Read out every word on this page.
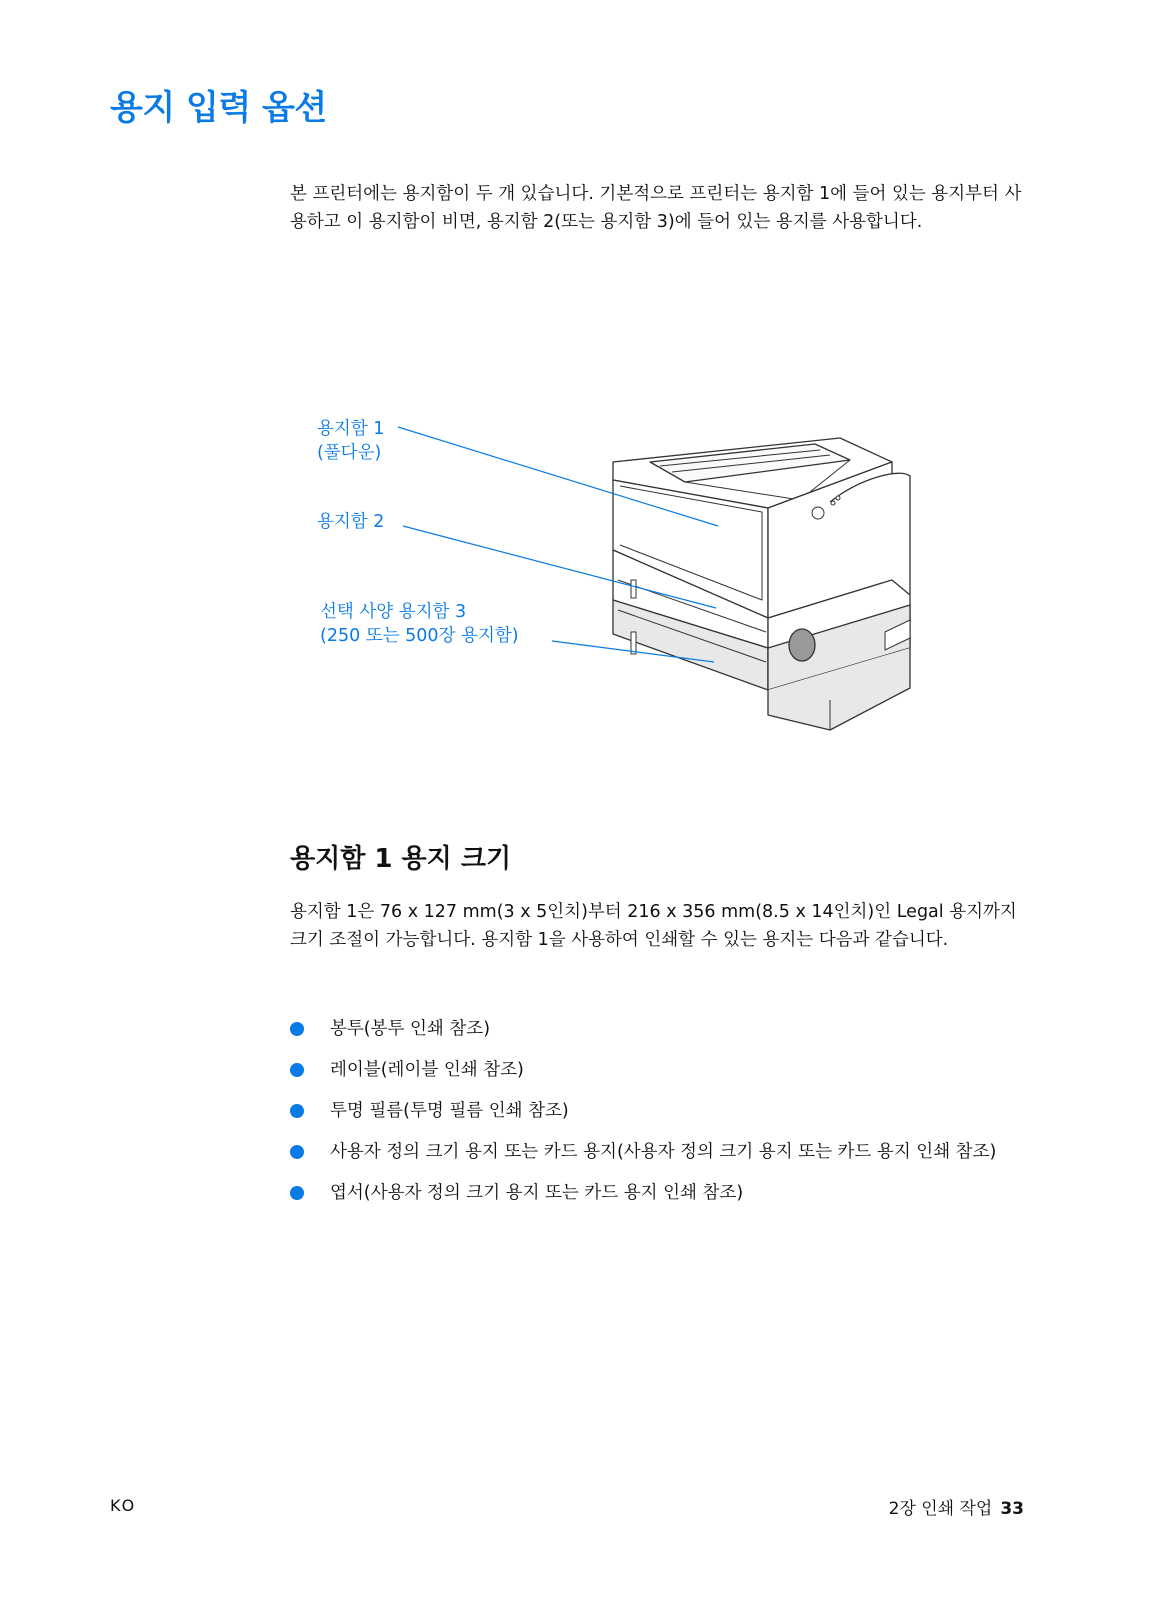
용지 입력 옵션

본 프린터에는 용지함이 두 개 있습니다. 기본적으로 프린터는 용지함 1에 들어 있는 용지부터 사용하고 이 용지함이 비면, 용지함 2(또는 용지함 3)에 들어 있는 용지를 사용합니다.

용지함 1
(풀다운)
용지함 2
선택 사양 용지함 3
(250 또는 500장 용지함)
용지함 1 용지 크기

용지함 1은 76 x 127 mm(3 x 5인치)부터 216 x 356 mm(8.5 x 14인치)인 Legal 용지까지 크기 조절이 가능합니다. 용지함 1을 사용하여 인쇄할 수 있는 용지는 다음과 같습니다.

봉투(봉투 인쇄 참조)
레이블(레이블 인쇄 참조)
투명 필름(투명 필름 인쇄 참조)
사용자 정의 크기 용지 또는 카드 용지(사용자 정의 크기 용지 또는 카드 용지 인쇄 참조)
엽서(사용자 정의 크기 용지 또는 카드 용지 인쇄 참조)
KO	2장 인쇄 작업 33
